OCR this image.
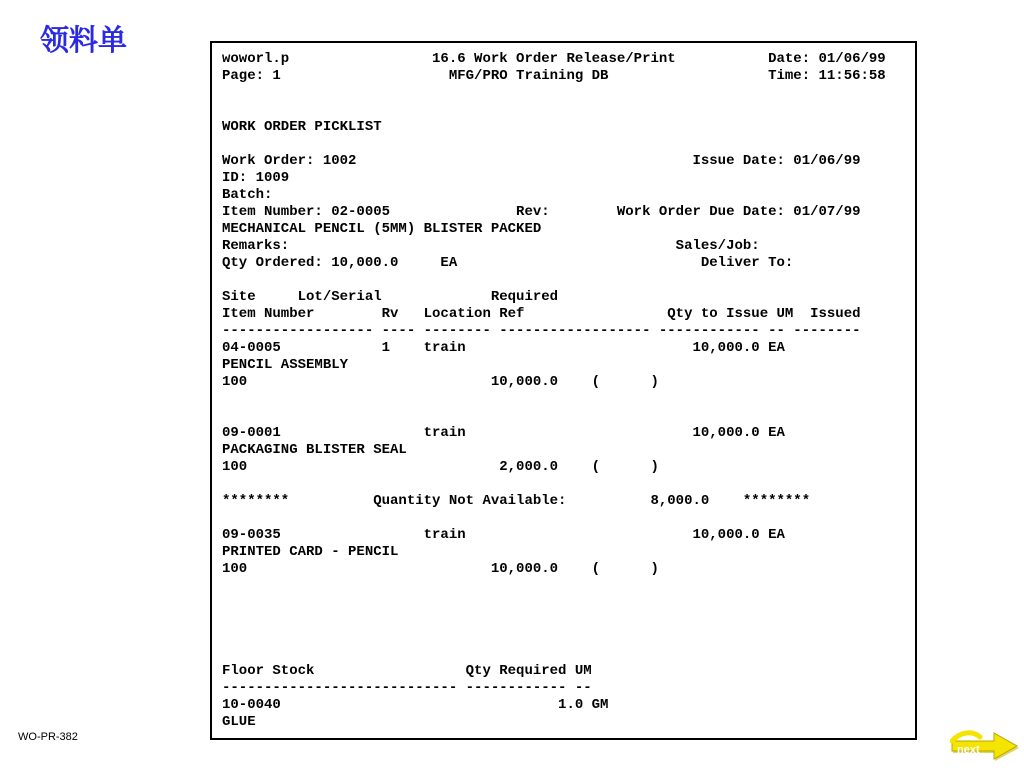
领料单
woworl.p                 16.6 Work Order Release/Print           Date: 01/06/99
Page: 1                    MFG/PRO Training DB                   Time: 11:56:58

WORK ORDER PICKLIST

Work Order: 1002                                        Issue Date: 01/06/99
ID: 1009
Batch:
Item Number: 02-0005               Rev:        Work Order Due Date: 01/07/99
MECHANICAL PENCIL (5MM) BLISTER PACKED
Remarks:                                              Sales/Job:
Qty Ordered: 10,000.0     EA                             Deliver To:

Site     Lot/Serial             Required
Item Number        Rv   Location Ref                 Qty to Issue UM  Issued
------------------ ---- -------- ------------------ ------------ -- --------
04-0005            1    train                           10,000.0 EA
PENCIL ASSEMBLY
100                             10,000.0    (      )

09-0001                 train                           10,000.0 EA
PACKAGING BLISTER SEAL
100                              2,000.0    (      )

********          Quantity Not Available:          8,000.0    ********

09-0035                 train                           10,000.0 EA
PRINTED CARD - PENCIL
100                             10,000.0    (      )

Floor Stock                  Qty Required UM
---------------------------- ------------ --
10-0040                                 1.0 GM
GLUE

WO-PR-382
next
